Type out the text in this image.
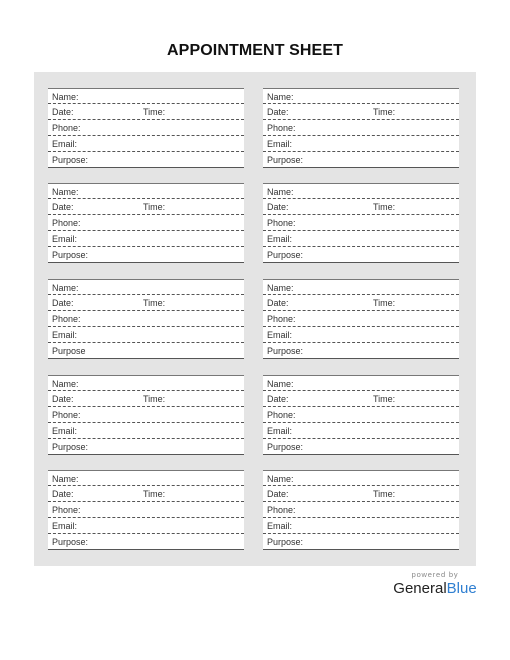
APPOINTMENT SHEET
Name:
Date:	Time:
Phone:
Email:
Purpose:
Name:
Date:	Time:
Phone:
Email:
Purpose:
Name:
Date:	Time:
Phone:
Email:
Purpose:
Name:
Date:	Time:
Phone:
Email:
Purpose:
Name:
Date:	Time:
Phone:
Email:
Purpose
Name:
Date:	Time:
Phone:
Email:
Purpose:
Name:
Date:	Time:
Phone:
Email:
Purpose:
Name:
Date:	Time:
Phone:
Email:
Purpose:
Name:
Date:	Time:
Phone:
Email:
Purpose:
Name:
Date:	Time:
Phone:
Email:
Purpose:
powered by
GeneralBlue
